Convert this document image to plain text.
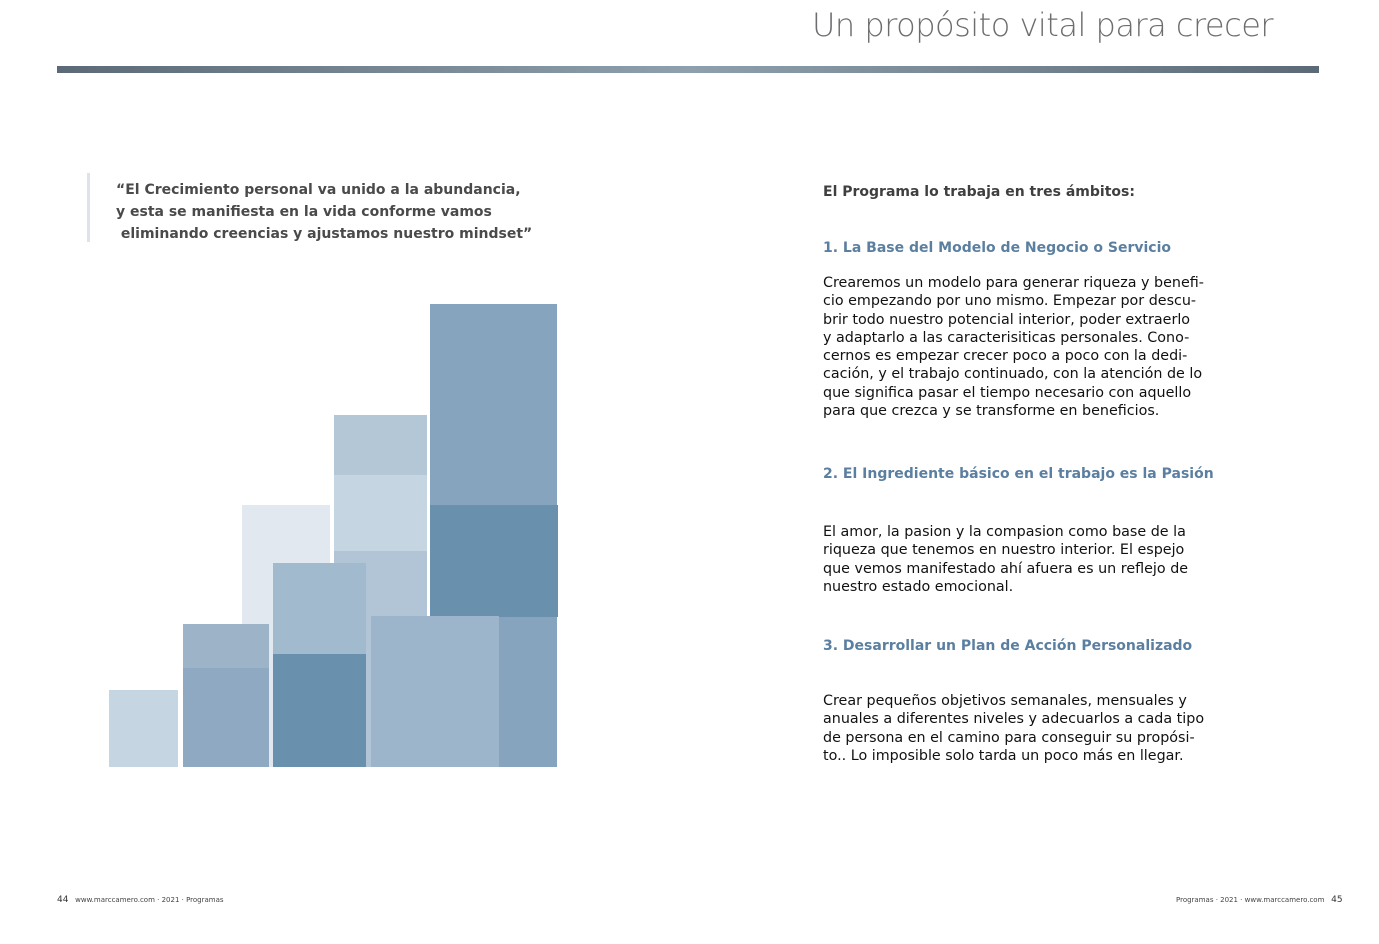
Un propósito vital para crecer
“El Crecimiento personal va unido a la abundancia,
y esta se manifiesta en la vida conforme vamos
eliminando creencias y ajustamos nuestro mindset”
El Programa lo trabaja en tres ámbitos:
1. La Base del Modelo de Negocio o Servicio
Crearemos un modelo para generar riqueza y benefi-
cio empezando por uno mismo. Empezar por descu-
brir todo nuestro potencial interior, poder extraerlo
y adaptarlo a las caracterisiticas personales. Cono-
cernos es empezar crecer poco a poco con la dedi-
cación, y el trabajo continuado, con la atención de lo
que significa pasar el tiempo necesario con aquello
para que crezca y se transforme en beneficios.
2. El Ingrediente básico en el trabajo es la Pasión
El amor, la pasion y la compasion como base de la
riqueza que tenemos en nuestro interior. El espejo
que vemos manifestado ahí afuera es un reflejo de
nuestro estado emocional.
3. Desarrollar un Plan de Acción Personalizado
Crear pequeños objetivos semanales, mensuales y
anuales a diferentes niveles y adecuarlos a cada tipo
de persona en el camino para conseguir su propósi-
to.. Lo imposible solo tarda un poco más en llegar.
44 www.marccamero.com · 2021 · Programas	Programas · 2021 · www.marccamero.com 45
